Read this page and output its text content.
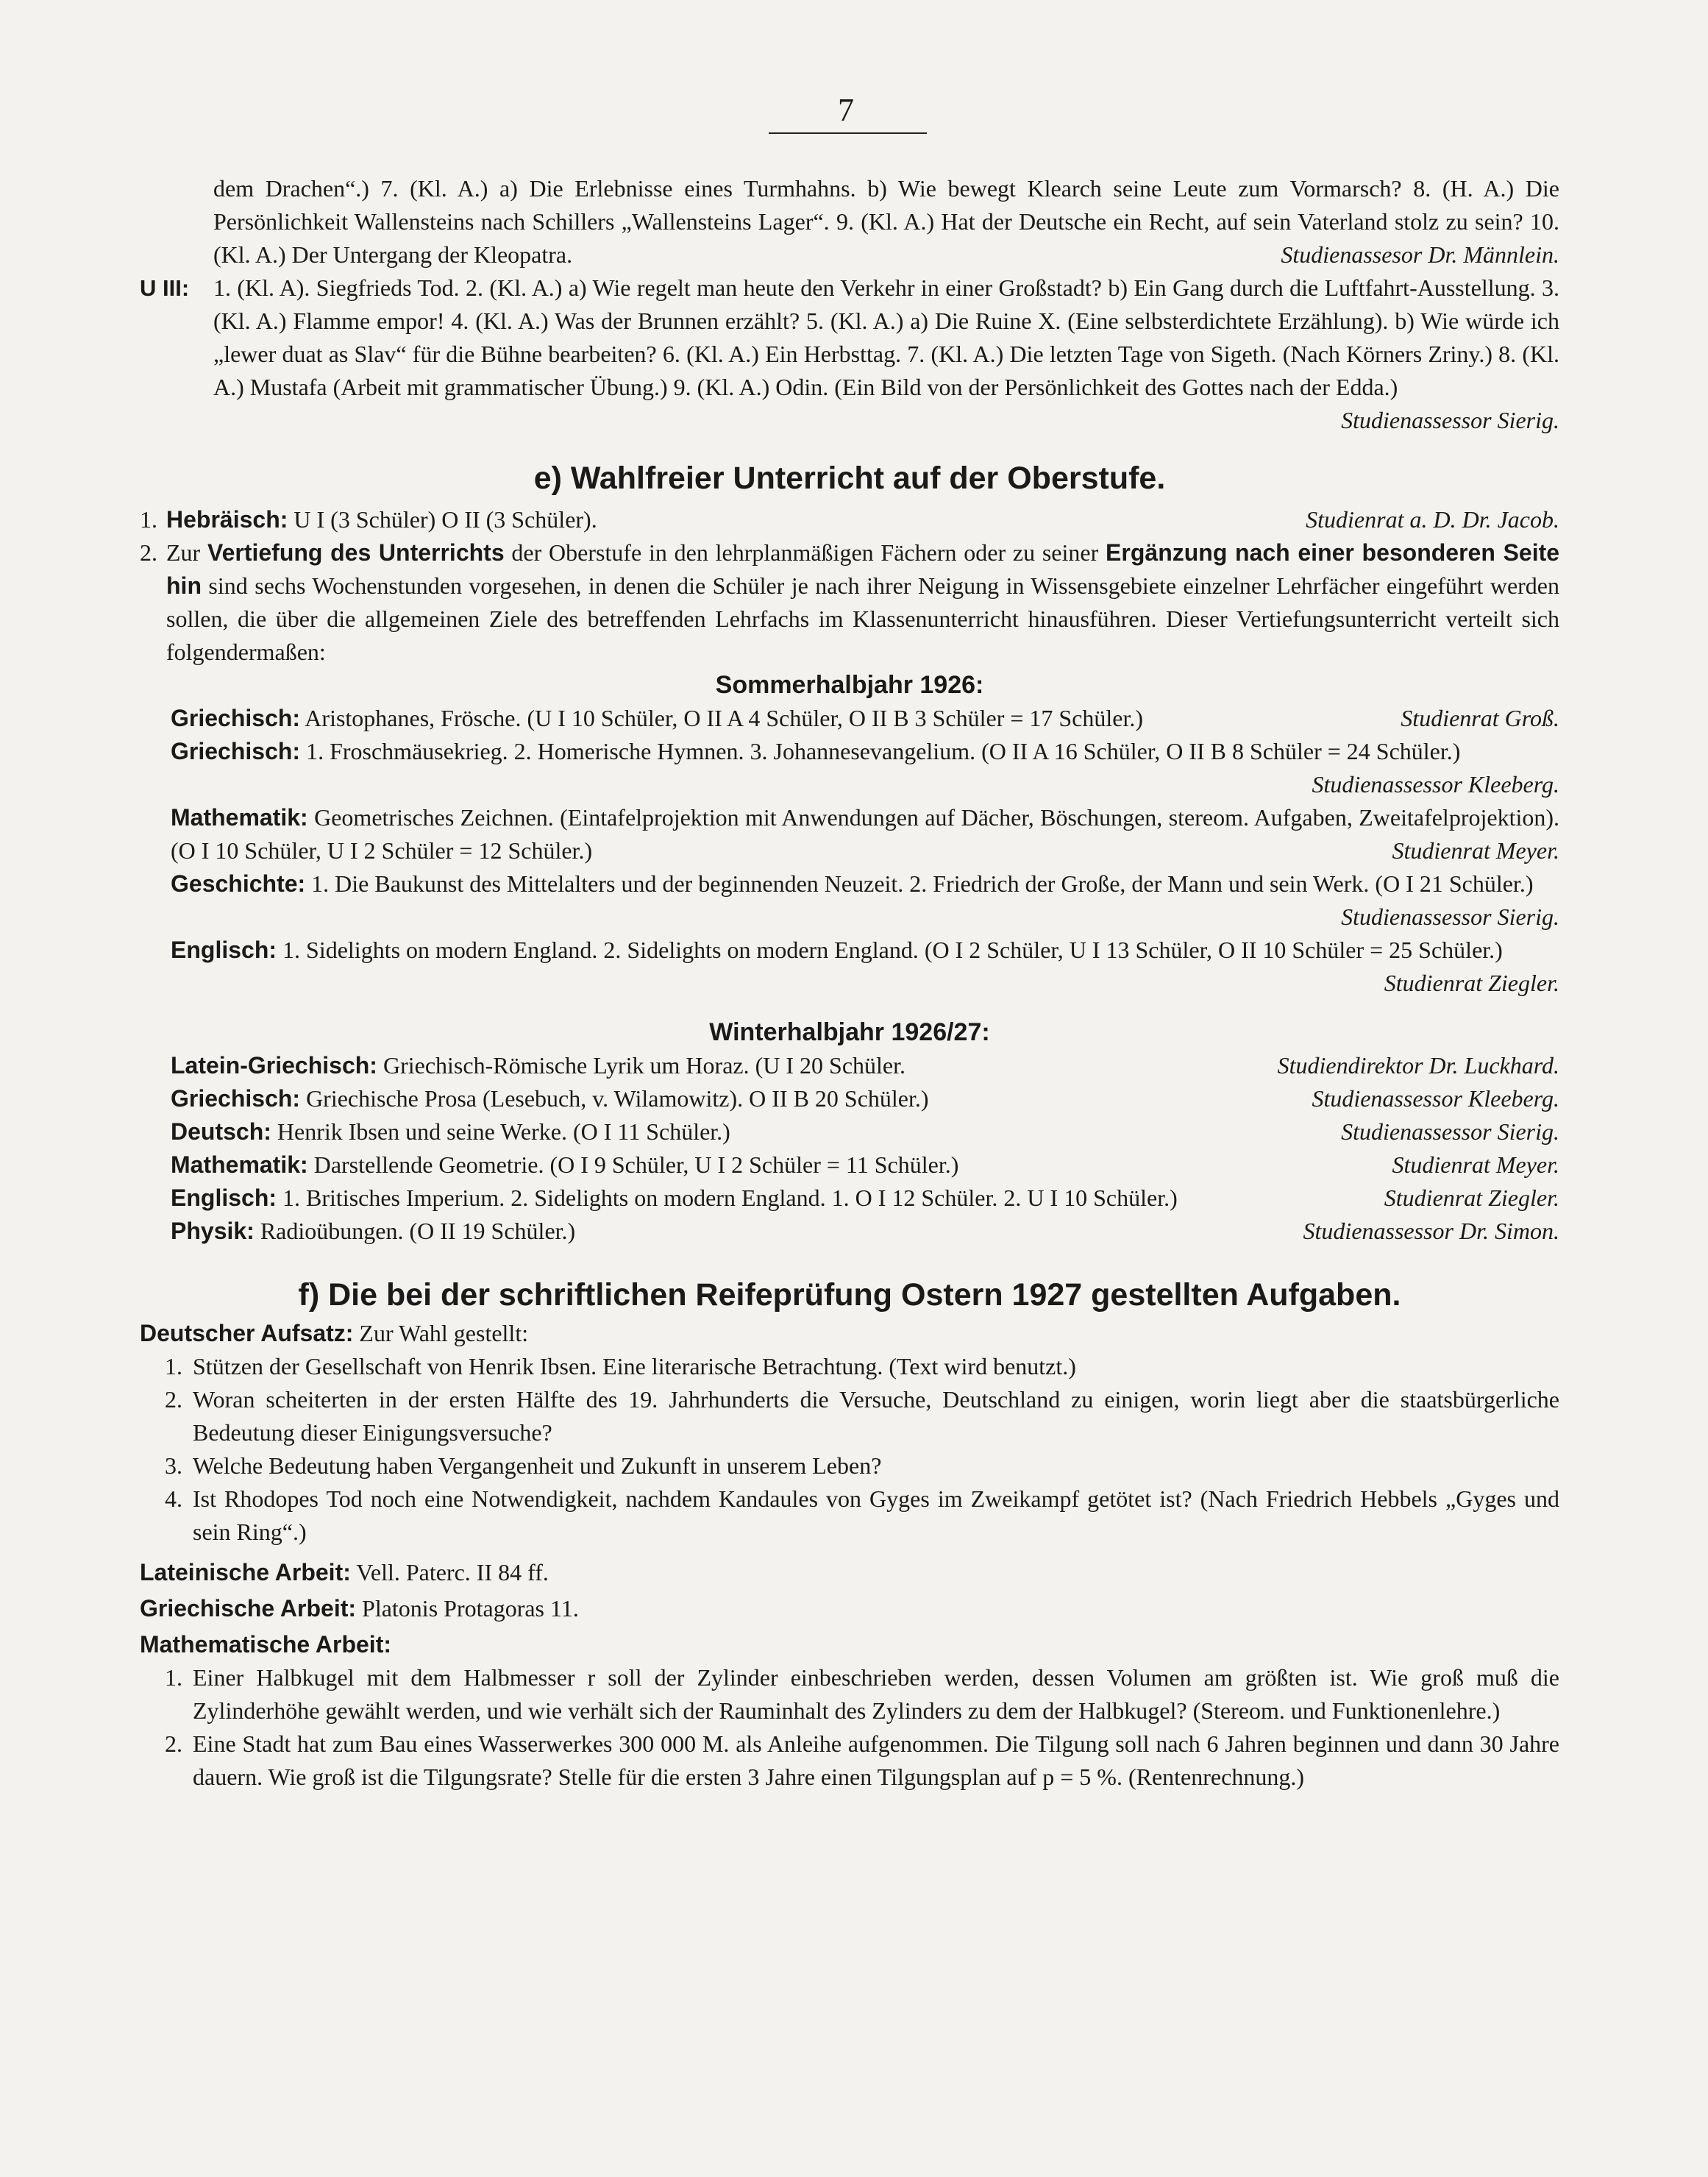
7
dem Drachen“.) 7. (Kl. A.) a) Die Erlebnisse eines Turmhahns. b) Wie bewegt Klearch seine Leute zum Vormarsch? 8. (H. A.) Die Persönlichkeit Wallensteins nach Schillers „Wallensteins Lager“. 9. (Kl. A.) Hat der Deutsche ein Recht, auf sein Vaterland stolz zu sein? 10. (Kl. A.) Der Untergang der Kleopatra.	Studienassesor Dr. Männlein.
U III: 1. (Kl. A). Siegfrieds Tod. 2. (Kl. A.) a) Wie regelt man heute den Verkehr in einer Großstadt? b) Ein Gang durch die Luftfahrt-Ausstellung. 3. (Kl. A.) Flamme empor! 4. (Kl. A.) Was der Brunnen erzählt? 5. (Kl. A.) a) Die Ruine X. (Eine selbsterdichtete Erzählung). b) Wie würde ich „lewer duat as Slav“ für die Bühne bearbeiten? 6. (Kl. A.) Ein Herbsttag. 7. (Kl. A.) Die letzten Tage von Sigeth. (Nach Körners Zriny.) 8. (Kl. A.) Mustafa (Arbeit mit grammatischer Übung.) 9. (Kl. A.) Odin. (Ein Bild von der Persönlichkeit des Gottes nach der Edda.)
Studienassessor Sierig.
e) Wahlfreier Unterricht auf der Oberstufe.
1. Hebräisch: U I (3 Schüler) O II (3 Schüler).	Studienrat a. D. Dr. Jacob.
2. Zur Vertiefung des Unterrichts der Oberstufe in den lehrplanmäßigen Fächern oder zu seiner Ergänzung nach einer besonderen Seite hin sind sechs Wochenstunden vorgesehen, in denen die Schüler je nach ihrer Neigung in Wissensgebiete einzelner Lehrfächer eingeführt werden sollen, die über die allgemeinen Ziele des betreffenden Lehrfachs im Klassenunterricht hinausführen. Dieser Vertiefungsunterricht verteilt sich folgendermaßen:
Sommerhalbjahr 1926:
Griechisch: Aristophanes, Frösche. (U I 10 Schüler, O II A 4 Schüler, O II B 3 Schüler = 17 Schüler.)	Studienrat Groß.
Griechisch: 1. Froschmäusekrieg. 2. Homerische Hymnen. 3. Johannesevangelium. (O II A 16 Schüler, O II B 8 Schüler = 24 Schüler.)
Studienassessor Kleeberg.
Mathematik: Geometrisches Zeichnen. (Eintafelprojektion mit Anwendungen auf Dächer, Böschungen, stereom. Aufgaben, Zweitafelprojektion). (O I 10 Schüler, U I 2 Schüler = 12 Schüler.)	Studienrat Meyer.
Geschichte: 1. Die Baukunst des Mittelalters und der beginnenden Neuzeit. 2. Friedrich der Große, der Mann und sein Werk. (O I 21 Schüler.)
Studienassessor Sierig.
Englisch: 1. Sidelights on modern England. 2. Sidelights on modern England. (O I 2 Schüler, U I 13 Schüler, O II 10 Schüler = 25 Schüler.)
Studienrat Ziegler.
Winterhalbjahr 1926/27:
Latein-Griechisch: Griechisch-Römische Lyrik um Horaz. (U I 20 Schüler.	Studiendirektor Dr. Luckhard.
Griechisch: Griechische Prosa (Lesebuch, v. Wilamowitz). O II B 20 Schüler.)	Studienassessor Kleeberg.
Deutsch: Henrik Ibsen und seine Werke. (O I 11 Schüler.)	Studienassessor Sierig.
Mathematik: Darstellende Geometrie. (O I 9 Schüler, U I 2 Schüler = 11 Schüler.)	Studienrat Meyer.
Englisch: 1. Britisches Imperium. 2. Sidelights on modern England. 1. O I 12 Schüler. 2. U I 10 Schüler.)	Studienrat Ziegler.
Physik: Radioübungen. (O II 19 Schüler.)	Studienassessor Dr. Simon.
f) Die bei der schriftlichen Reifeprüfung Ostern 1927 gestellten Aufgaben.
Deutscher Aufsatz: Zur Wahl gestellt:
1. Stützen der Gesellschaft von Henrik Ibsen. Eine literarische Betrachtung. (Text wird benutzt.)
2. Woran scheiterten in der ersten Hälfte des 19. Jahrhunderts die Versuche, Deutschland zu einigen, worin liegt aber die staatsbürgerliche Bedeutung dieser Einigungsversuche?
3. Welche Bedeutung haben Vergangenheit und Zukunft in unserem Leben?
4. Ist Rhodopes Tod noch eine Notwendigkeit, nachdem Kandaules von Gyges im Zweikampf getötet ist? (Nach Friedrich Hebbels „Gyges und sein Ring“.)
Lateinische Arbeit: Vell. Paterc. II 84 ff.
Griechische Arbeit: Platonis Protagoras 11.
Mathematische Arbeit:
1. Einer Halbkugel mit dem Halbmesser r soll der Zylinder einbeschrieben werden, dessen Volumen am größten ist. Wie groß muß die Zylinderhöhe gewählt werden, und wie verhält sich der Rauminhalt des Zylinders zu dem der Halbkugel? (Stereom. und Funktionenlehre.)
2. Eine Stadt hat zum Bau eines Wasserwerkes 300 000 M. als Anleihe aufgenommen. Die Tilgung soll nach 6 Jahren beginnen und dann 30 Jahre dauern. Wie groß ist die Tilgungsrate? Stelle für die ersten 3 Jahre einen Tilgungsplan auf p = 5 %. (Rentenrechnung.)
